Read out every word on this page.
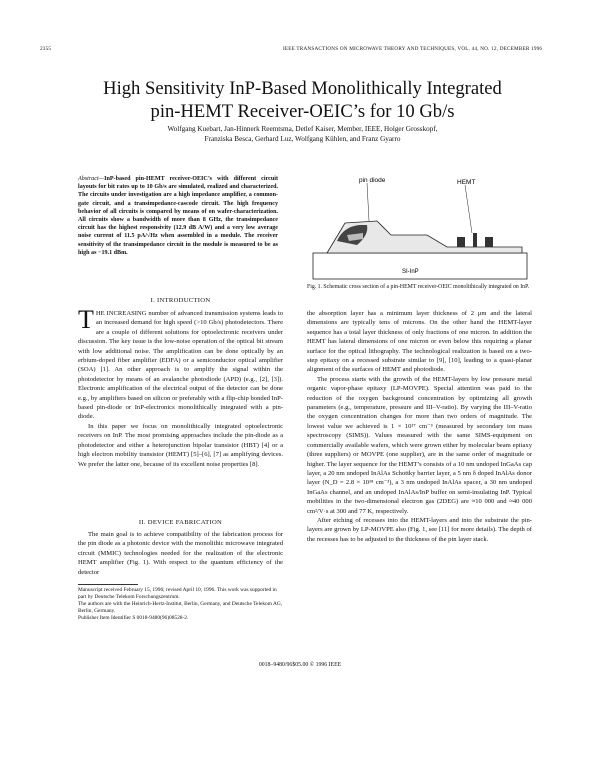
2355	IEEE TRANSACTIONS ON MICROWAVE THEORY AND TECHNIQUES, VOL. 44, NO. 12, DECEMBER 1996
High Sensitivity InP-Based Monolithically Integrated
pin-HEMT Receiver-OEIC’s for 10 Gb/s
Wolfgang Kuebart, Jan-Hinnerk Reemtsma, Detlef Kaiser, Member, IEEE, Holger Grosskopf,
Franziska Besca, Gerhard Luz, Wolfgang Kühlen, and Franz Gyarro
Abstract—InP-based pin-HEMT receiver-OEIC’s with different circuit layouts for bit rates up to 10 Gb/s are simulated, realized and characterized. The circuits under investigation are a high impedance amplifier, a common-gate circuit, and a transimpedance-cascode circuit. The high frequency behavior of all circuits is compared by means of on wafer-characterization. All circuits show a bandwidth of more than 8 GHz, the transimpedance circuit has the highest responsivity (12.9 dB A/W) and a very low average noise current of 11.5 pA/√Hz when assembled in a module. The receiver sensitivity of the transimpedance circuit in the module is measured to be as high as −19.1 dBm.
pin diode	HEMT
SI-InP
Fig. 1. Schematic cross section of a pin-HEMT receiver-OEIC monolithically integrated on InP.
I. INTRODUCTION

THE INCREASING number of advanced transmission systems leads to an increased demand for high speed (>10 Gb/s) photodetectors. There are a couple of different solutions for optoelectronic receivers under discussion. The key issue is the low-noise operation of the optical bit stream with low additional noise. The amplification can be done optically by an erbium-doped fiber amplifier (EDFA) or a semiconductor optical amplifier (SOA) [1]. An other approach is to amplify the signal within the photodetector by means of an avalanche photodiode (APD) (e.g., [2], [3]). Electronic amplification of the electrical output of the detector can be done e.g., by amplifiers based on silicon or preferably with a flip-chip bonded InP-based pin-diode or InP-electronics monolithically integrated with a pin-diode.

In this paper we focus on monolithically integrated optoelectronic receivers on InP. The most promising approaches include the pin-diode as a photodetector and either a heterojunction bipolar transistor (HBT) [4] or a high electron mobility transistor (HEMT) [5]–[6], [7] as amplifying devices. We prefer the latter one, because of its excellent noise properties [8].

II. DEVICE FABRICATION

The main goal is to achieve compatibility of the fabrication process for the pin diode as a photonic device with the monolithic microwave integrated circuit (MMIC) technologies needed for the realization of the electronic HEMT amplifier (Fig. 1). With respect to the quantum efficiency of the detector

Manuscript received February 15, 1996; revised April 10, 1996. This work was supported in part by Deutsche Telekom Forschungszentrum.
The authors are with the Heinrich-Hertz-Institut, Berlin, Germany, and Deutsche Telekom AG, Berlin, Germany.
Publisher Item Identifier S 0018-9480(96)08528-2.

the absorption layer has a minimum layer thickness of 2 μm and the lateral dimensions are typically tens of microns. On the other hand the HEMT-layer sequence has a total layer thickness of only fractions of one micron. In addition the HEMT has lateral dimensions of one micron or even below this requiring a planar surface for the optical lithography. The technological realization is based on a two-step epitaxy on a recessed substrate similar to [9], [10], leading to a quasi-planar alignment of the surfaces of HEMT and photodiode.

The process starts with the growth of the HEMT-layers by low pressure metal organic vapor-phase epitaxy (LP-MOVPE). Special attention was paid to the reduction of the oxygen background concentration by optimizing all growth parameters (e.g., temperature, pressure and III–V-ratio). By varying the III–V-ratio the oxygen concentration changes for more than two orders of magnitude. The lowest value we achieved is 1 × 10¹⁷ cm⁻³ (measured by secondary ion mass spectroscopy (SIMS)). Values measured with the same SIMS-equipment on commercially available wafers, which were grown either by molecular beam epitaxy (three suppliers) or MOVPE (one supplier), are in the same order of magnitude or higher. The layer sequence for the HEMT’s consists of a 10 nm undoped InGaAs cap layer, a 20 nm undoped InAlAs Schottky barrier layer, a 5 nm δ doped InAlAs donor layer (N_D = 2.8 × 10¹⁸ cm⁻³), a 3 nm undoped InAlAs spacer, a 30 nm undoped InGaAs channel, and an undoped InAlAs/InP buffer on semi-insulating InP. Typical mobilities in the two-dimensional electron gas (2DEG) are ≈10 000 and ≈40 000 cm²/V·s at 300 and 77 K, respectively.

After etching of recesses into the HEMT-layers and into the substrate the pin-layers are grown by LP-MOVPE also (Fig. 1, see [11] for more details). The depth of the recesses has to be adjusted to the thickness of the pin layer stack.

0018–9480/96$05.00 © 1996 IEEE
